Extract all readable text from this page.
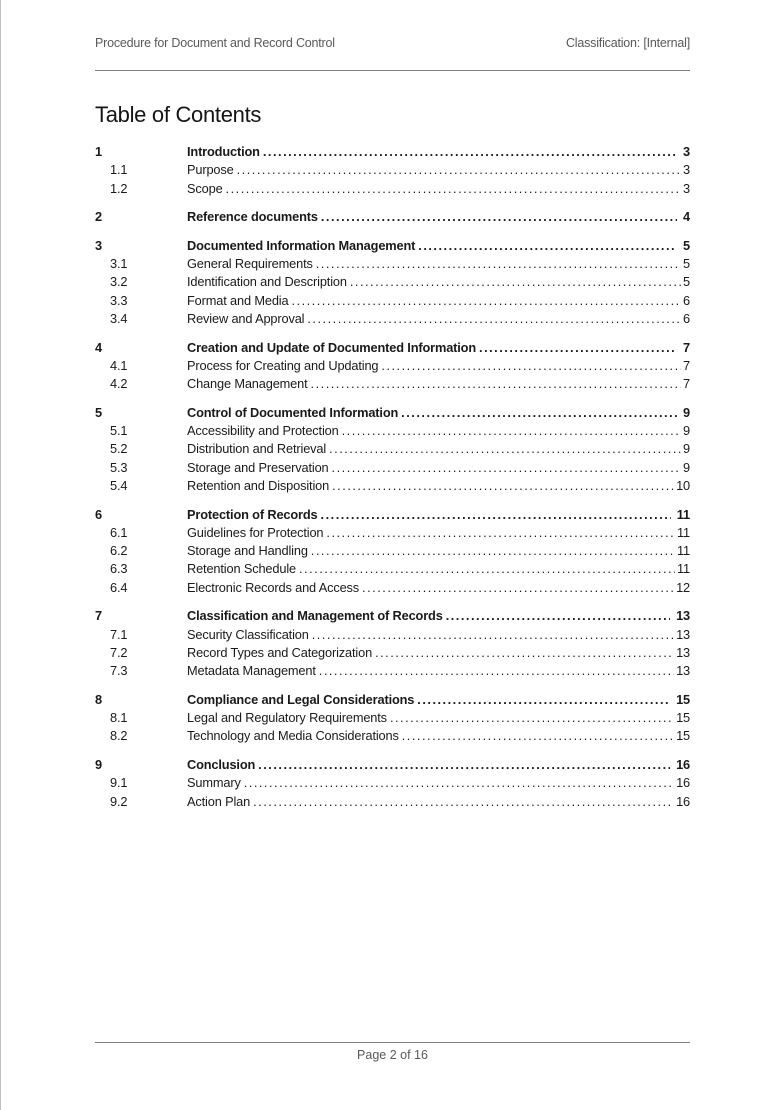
Procedure for Document and Record Control	Classification: [Internal]
Table of Contents
1	Introduction .....	3
1.1	Purpose .....	3
1.2	Scope .....	3
2	Reference documents .....	4
3	Documented Information Management .....	5
3.1	General Requirements .....	5
3.2	Identification and Description .....	5
3.3	Format and Media .....	6
3.4	Review and Approval .....	6
4	Creation and Update of Documented Information .....	7
4.1	Process for Creating and Updating .....	7
4.2	Change Management .....	7
5	Control of Documented Information .....	9
5.1	Accessibility and Protection .....	9
5.2	Distribution and Retrieval .....	9
5.3	Storage and Preservation .....	9
5.4	Retention and Disposition .....	10
6	Protection of Records .....	11
6.1	Guidelines for Protection .....	11
6.2	Storage and Handling .....	11
6.3	Retention Schedule .....	11
6.4	Electronic Records and Access .....	12
7	Classification and Management of Records .....	13
7.1	Security Classification .....	13
7.2	Record Types and Categorization .....	13
7.3	Metadata Management .....	13
8	Compliance and Legal Considerations .....	15
8.1	Legal and Regulatory Requirements .....	15
8.2	Technology and Media Considerations .....	15
9	Conclusion .....	16
9.1	Summary .....	16
9.2	Action Plan .....	16
Page 2 of 16
